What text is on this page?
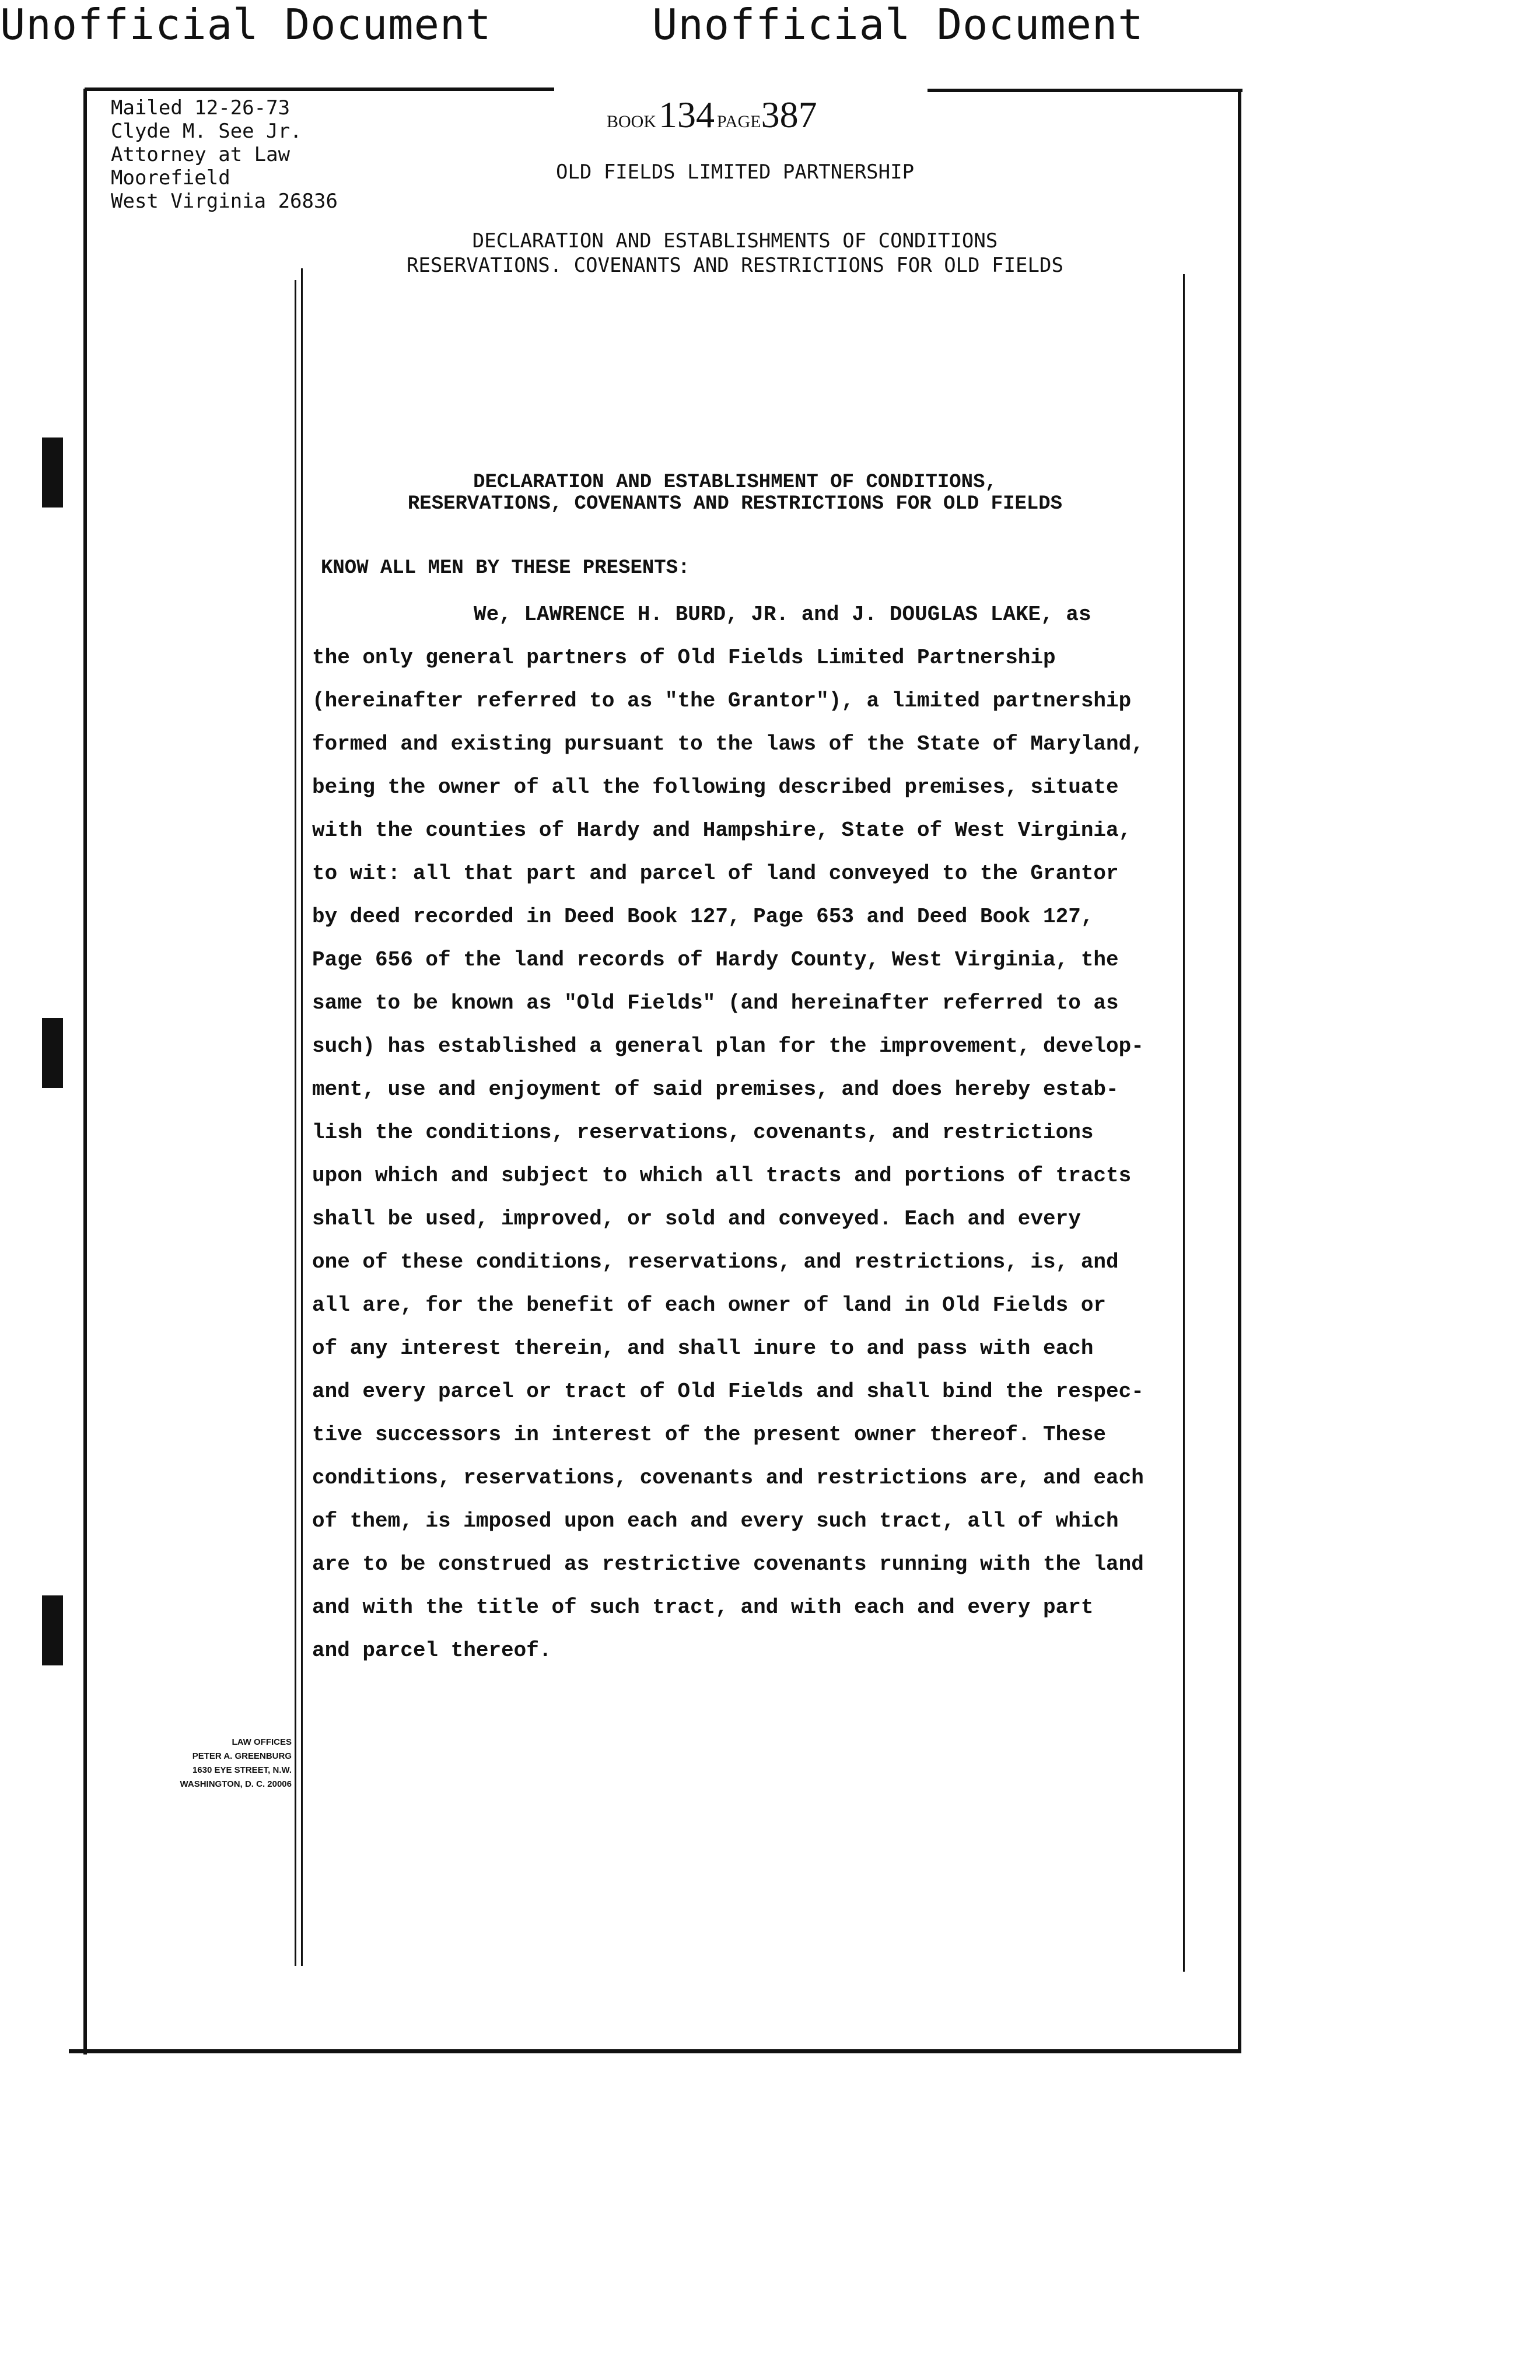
Unofficial Document	Unofficial Document
Mailed 12-26-73
Clyde M. See Jr.
Attorney at Law
Moorefield
West Virginia 26836
BOOK 134 PAGE387
OLD FIELDS LIMITED PARTNERSHIP
DECLARATION AND ESTABLISHMENTS OF CONDITIONS
RESERVATIONS. COVENANTS AND RESTRICTIONS FOR OLD FIELDS
DECLARATION AND ESTABLISHMENT OF CONDITIONS,
RESERVATIONS, COVENANTS AND RESTRICTIONS FOR OLD FIELDS
KNOW ALL MEN BY THESE PRESENTS:
We, LAWRENCE H. BURD, JR. and J. DOUGLAS LAKE, as
the only general partners of Old Fields Limited Partnership
(hereinafter referred to as "the Grantor"), a limited partnership
formed and existing pursuant to the laws of the State of Maryland,
being the owner of all the following described premises, situate
with the counties of Hardy and Hampshire, State of West Virginia,
to wit: all that part and parcel of land conveyed to the Grantor
by deed recorded in Deed Book 127, Page 653 and Deed Book 127,
Page 656 of the land records of Hardy County, West Virginia, the
same to be known as "Old Fields" (and hereinafter referred to as
such) has established a general plan for the improvement, develop-
ment, use and enjoyment of said premises, and does hereby estab-
lish the conditions, reservations, covenants, and restrictions
upon which and subject to which all tracts and portions of tracts
shall be used, improved, or sold and conveyed. Each and every
one of these conditions, reservations, and restrictions, is, and
all are, for the benefit of each owner of land in Old Fields or
of any interest therein, and shall inure to and pass with each
and every parcel or tract of Old Fields and shall bind the respec-
tive successors in interest of the present owner thereof. These
conditions, reservations, covenants and restrictions are, and each
of them, is imposed upon each and every such tract, all of which
are to be construed as restrictive covenants running with the land
and with the title of such tract, and with each and every part
and parcel thereof.
LAW OFFICES
PETER A. GREENBURG
1630 EYE STREET, N.W.
WASHINGTON, D. C. 20006
